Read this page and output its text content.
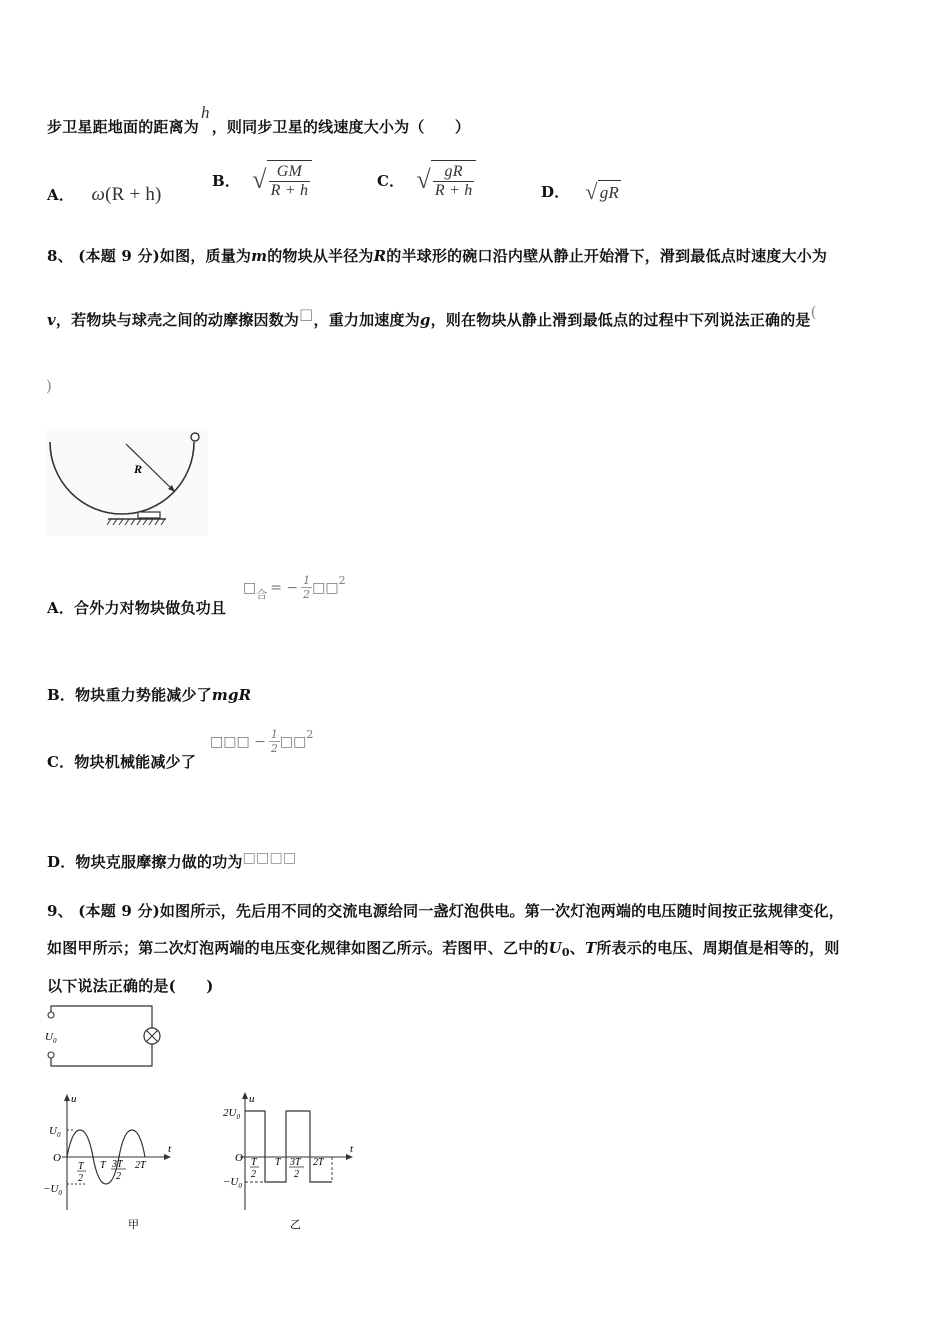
步卫星距地面的距离为h，则同步卫星的线速度大小为（　　）
A． ω(R + h)
B． √ $\frac{GM}{R + h}$	C． √ $\frac{gR}{R + h}$	D． √ gR
8、 (本题 9 分)如图，质量为m的物块从半径为R的半球形的碗口沿内壁从静止开始滑下，滑到最低点时速度大小为
v，若物块与球壳之间的动摩擦因数为□，重力加速度为g，则在物块从静止滑到最低点的过程中下列说法正确的是(
)
R
A．合外力对物块做负功且
□ 合 = − $\frac{1}{2}$ □□ 2
B．物块重力势能减少了mgR
C．物块机械能减少了
□□□ − $\frac{1}{2}$ □□ 2
D．物块克服摩擦力做的功为□□□□
9、 (本题 9 分)如图所示，先后用不同的交流电源给同一盏灯泡供电。第一次灯泡两端的电压随时间按正弦规律变化，
如图甲所示；第二次灯泡两端的电压变化规律如图乙所示。若图甲、乙中的$U_0$、T所表示的电压、周期值是相等的，则
以下说法正确的是(　　)
$U_0$
u
t
O
$U_0$
$-U_0$
T
2
T 3T
2
2T
甲
u
t
O
$2U_0$
$-U_0$
T
2
T 3T
2
2T
乙
